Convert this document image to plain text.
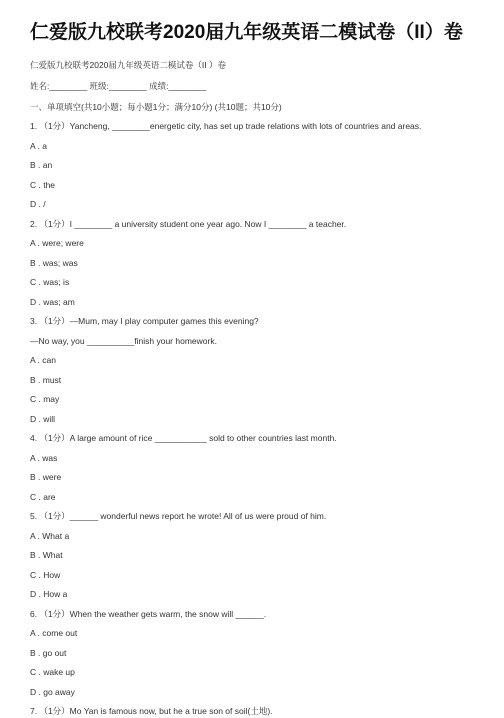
仁爱版九校联考2020届九年级英语二模试卷（II）卷
仁爱版九校联考2020届九年级英语二模试卷（II ）卷
姓名:________ 班级:________ 成绩:________
一、单项填空(共10小题；每小题1分；满分10分) (共10题；共10分)
1. （1分）Yancheng, ________energetic city, has set up trade relations with lots of countries and areas.
A . a
B . an
C . the
D . /
2. （1分）I ________ a university student one year ago. Now I ________ a teacher.
A . were; were
B . was; was
C . was; is
D . was; am
3. （1分）—Mum, may I play computer games this evening?
—No way, you __________finish your homework.
A . can
B . must
C . may
D . will
4. （1分）A large amount of rice ___________ sold to other countries last month.
A . was
B . were
C . are
5. （1分）______ wonderful news report he wrote! All of us were proud of him.
A . What a
B . What
C . How
D . How a
6. （1分）When the weather gets warm, the snow will ______.
A . come out
B . go out
C . wake up
D . go away
7. （1分）Mo Yan is famous now, but he a true son of soil(土地).
